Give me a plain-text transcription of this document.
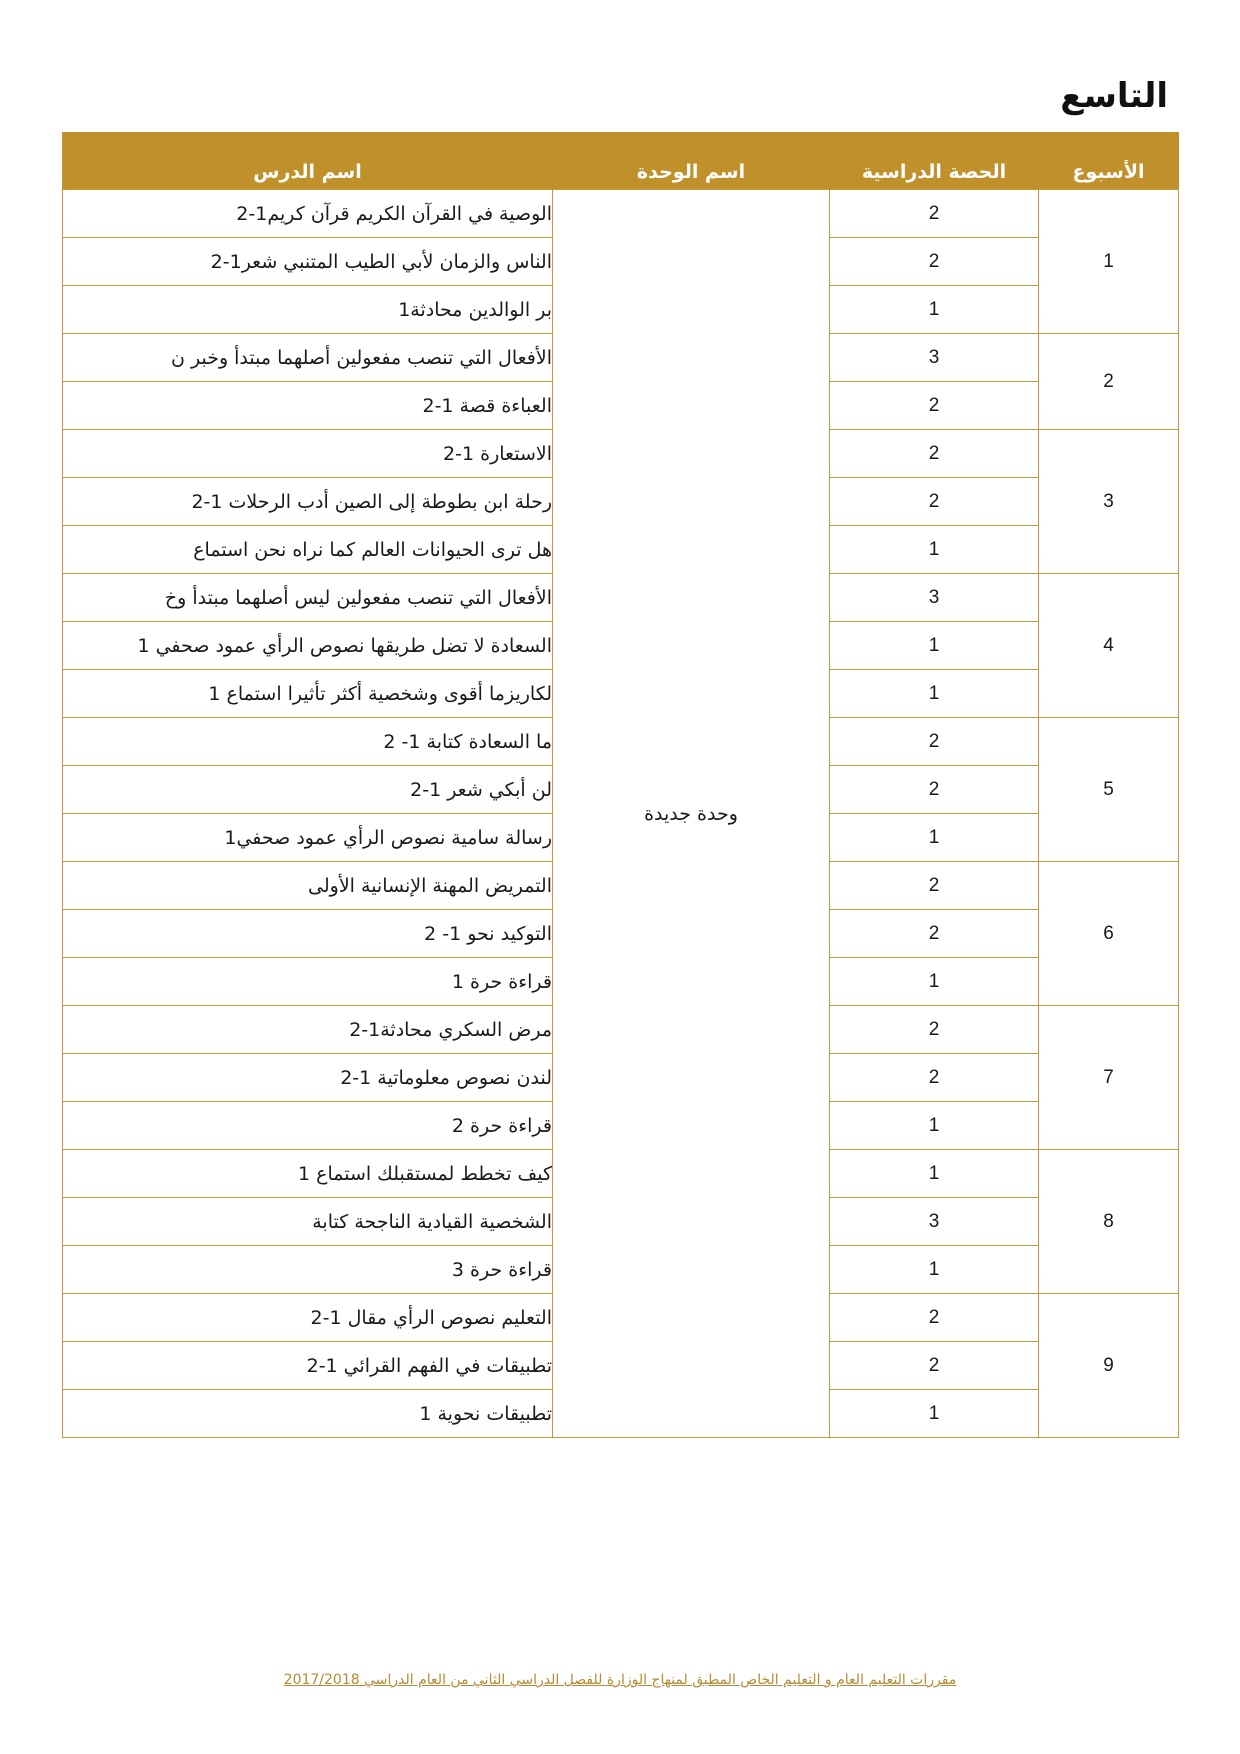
التاسع
الأسبوع	الحصة الدراسية	اسم الوحدة	اسم الدرس
1	2	وحدة جديدة	الوصية في القرآن الكريم قرآن كريم1-2
	2		الناس والزمان لأبي الطيب المتنبي شعر1-2
	1		بر الوالدين محادثة1
2	3		الأفعال التي تنصب مفعولين أصلهما مبتدأ وخبر ن
	2		العباءة قصة 1-2
3	2		الاستعارة 1-2
	2		رحلة ابن بطوطة إلى الصين أدب الرحلات 1-2
	1		هل ترى الحيوانات العالم كما نراه نحن استماع
4	3		الأفعال التي تنصب مفعولين ليس أصلهما مبتدأ وخ
	1		السعادة لا تضل طريقها نصوص الرأي عمود صحفي 1
	1		لكاريزما أقوى وشخصية أكثر تأثيرا استماع 1
5	2		ما السعادة كتابة 1- 2
	2		لن أبكي شعر 1-2
	1		رسالة سامية نصوص الرأي عمود صحفي1
6	2		التمريض المهنة الإنسانية الأولى
	2		التوكيد نحو 1- 2
	1		قراءة حرة 1
7	2		مرض السكري محادثة1-2
	2		لندن نصوص معلوماتية 1-2
	1		قراءة حرة 2
8	1		كيف تخطط لمستقبلك استماع 1
	3		الشخصية القيادية الناجحة كتابة
	1		قراءة حرة 3
9	2		التعليم نصوص الرأي مقال 1-2
	2		تطبيقات في الفهم القرائي 1-2
	1		تطبيقات نحوية 1
مقررات التعليم العام و التعليم الخاص المطبق لمنهاج الوزارة للفصل الدراسي الثاني من العام الدراسي 2017/2018
